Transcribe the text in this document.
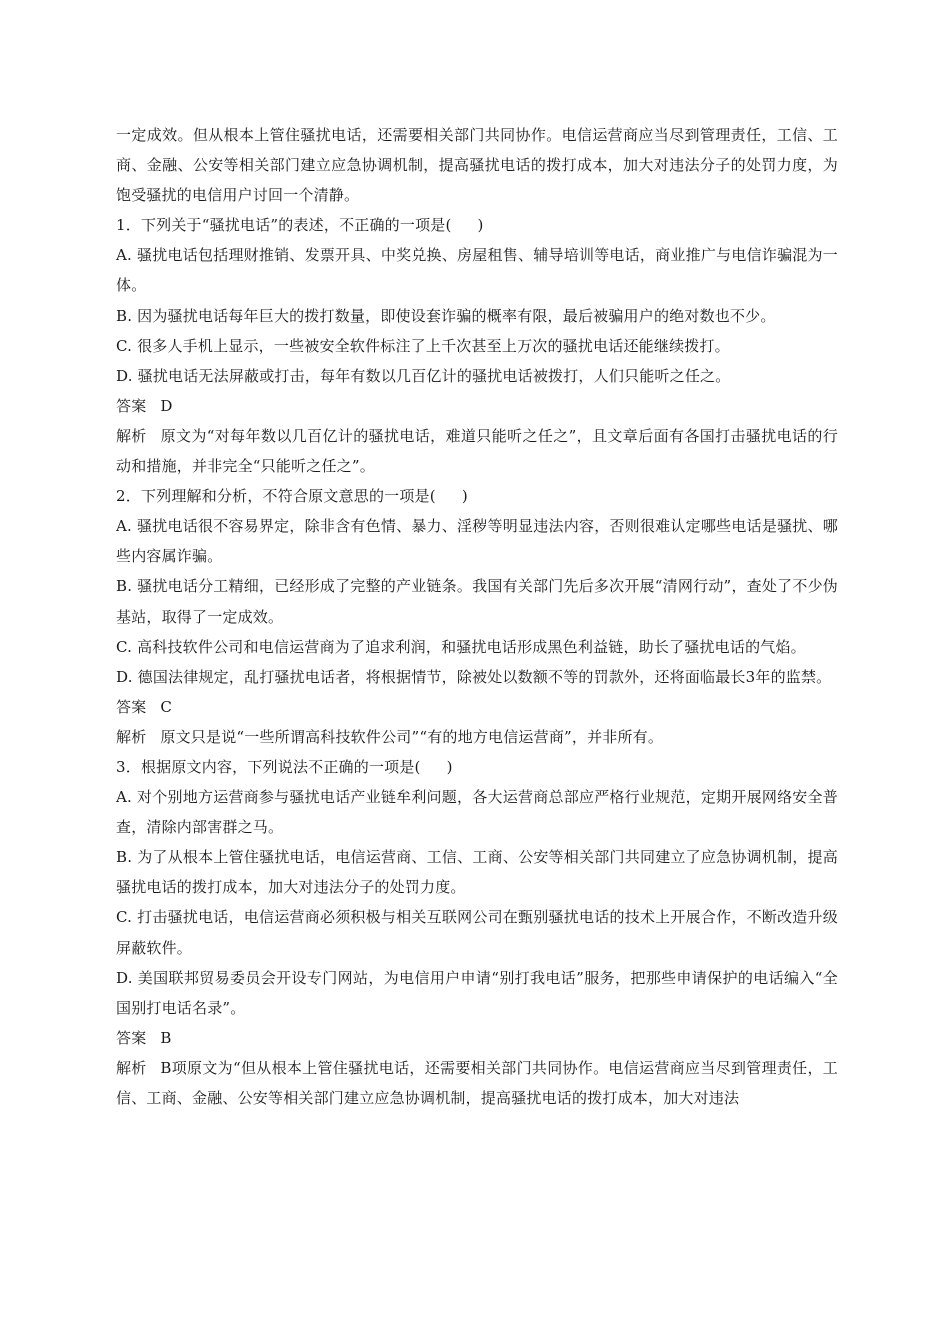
一定成效。但从根本上管住骚扰电话，还需要相关部门共同协作。电信运营商应当尽到管理责任，工信、工商、金融、公安等相关部门建立应急协调机制，提高骚扰电话的拨打成本，加大对违法分子的处罚力度，为饱受骚扰的电信用户讨回一个清静。

1．下列关于“骚扰电话”的表述，不正确的一项是( )

A. 骚扰电话包括理财推销、发票开具、中奖兑换、房屋租售、辅导培训等电话，商业推广与电信诈骗混为一体。

B. 因为骚扰电话每年巨大的拨打数量，即使设套诈骗的概率有限，最后被骗用户的绝对数也不少。

C. 很多人手机上显示，一些被安全软件标注了上千次甚至上万次的骚扰电话还能继续拨打。

D. 骚扰电话无法屏蔽或打击，每年有数以几百亿计的骚扰电话被拨打，人们只能听之任之。

答案 D

解析 原文为“对每年数以几百亿计的骚扰电话，难道只能听之任之”，且文章后面有各国打击骚扰电话的行动和措施，并非完全“只能听之任之”。

2．下列理解和分析，不符合原文意思的一项是( )

A. 骚扰电话很不容易界定，除非含有色情、暴力、淫秽等明显违法内容，否则很难认定哪些电话是骚扰、哪些内容属诈骗。

B. 骚扰电话分工精细，已经形成了完整的产业链条。我国有关部门先后多次开展“清网行动”，查处了不少伪基站，取得了一定成效。

C. 高科技软件公司和电信运营商为了追求利润，和骚扰电话形成黑色利益链，助长了骚扰电话的气焰。

D. 德国法律规定，乱打骚扰电话者，将根据情节，除被处以数额不等的罚款外，还将面临最长3年的监禁。

答案 C

解析 原文只是说“一些所谓高科技软件公司”“有的地方电信运营商”，并非所有。

3．根据原文内容，下列说法不正确的一项是( )

A. 对个别地方运营商参与骚扰电话产业链牟利问题，各大运营商总部应严格行业规范，定期开展网络安全普查，清除内部害群之马。

B. 为了从根本上管住骚扰电话，电信运营商、工信、工商、公安等相关部门共同建立了应急协调机制，提高骚扰电话的拨打成本，加大对违法分子的处罚力度。

C. 打击骚扰电话，电信运营商必须积极与相关互联网公司在甄别骚扰电话的技术上开展合作，不断改造升级屏蔽软件。

D. 美国联邦贸易委员会开设专门网站，为电信用户申请“别打我电话”服务，把那些申请保护的电话编入“全国别打电话名录”。

答案 B

解析 B项原文为“但从根本上管住骚扰电话，还需要相关部门共同协作。电信运营商应当尽到管理责任，工信、工商、金融、公安等相关部门建立应急协调机制，提高骚扰电话的拨打成本，加大对违法
